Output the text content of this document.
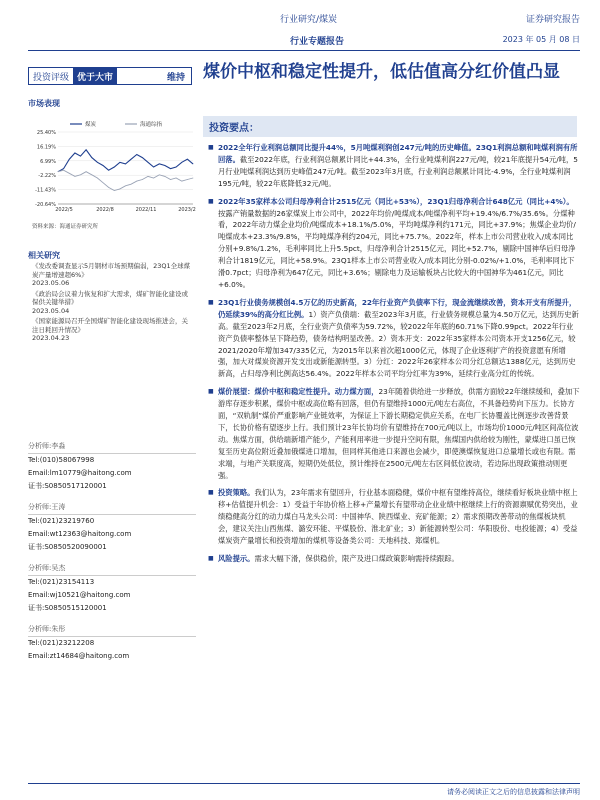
行业研究/煤炭	证券研究报告
行业专题报告	2023 年 05 月 08 日
投资评级 优于大市	维持
市场表现
25.40%
16.19%
6.99%
-2.22%
-11.43%
-20.64%
2022/5	2022/8	2022/11	2023/2
煤炭	海通综指
资料来源：海通证券研究所
相关研究
《发改委调查显示5月钢材市场预期偏弱，23Q1全球煤炭产量增速超6%》
2023.05.06
《政治局会议着力恢复和扩大需求，煤矿智能化建设或保供关键举措》
2023.05.04
《国家能源局召开全国煤矿智能化建设现场推进会，关注日耗回升情况》
2023.04.23
分析师:李淼
Tel:(010)58067998
Email:lm10779@haitong.com
证书:S0850517120001
分析师:王涛
Tel:(021)23219760
Email:wt12363@haitong.com
证书:S0850520090001
分析师:吴杰
Tel:(021)23154113
Email:wj10521@haitong.com
证书:S0850515120001
分析师:朱彤
Tel:(021)23212208
Email:zt14684@haitong.com
煤价中枢和稳定性提升，低估值高分红价值凸显
投资要点：
■ 2022全年行业利润总额同比提升44%，5月吨煤利润创247元/吨的历史峰值。23Q1利润总额和吨煤利润有所回落。截至2022年底，行业利润总额累计同比+44.3%，全行业吨煤利润227元/吨，较21年底提升54元/吨，5月行业吨煤利润达到历史峰值247元/吨。截至2023年3月底，行业利润总额累计同比-4.9%，全行业吨煤利润195元/吨，较22年底降低32元/吨。
■ 2022年35家样本公司归母净利合计2515亿元（同比+53%），23Q1归母净利合计648亿元（同比+4%）。按露产销量数据的26家煤炭上市公司中，2022年均价/吨煤成本/吨煤净利平均+19.4%/6.7%/35.6%。分煤种看，2022年动力煤企业均价/吨煤成本+18.1%/5.0%，平均吨煤净利约171元，同比+37.9%；焦煤企业均价/吨煤成本+23.3%/9.8%，平均吨煤净利约204元，同比+75.7%。2022年，样本上市公司营业收入/成本同比分别+9.8%/1.2%，毛利率同比上升5.5pct，归母净利合计2515亿元，同比+52.7%，剔除中国神华后归母净利合计1819亿元，同比+58.9%。23Q1样本上市公司营业收入/成本同比分别-0.02%/+1.0%，毛利率同比下滑0.7pct；归母净利为647亿元，同比+3.6%；剔除电力及运输板块占比较大的中国神华为461亿元，同比+6.0%。
■ 23Q1行业债务规模创4.5万亿的历史新高，22年行业资产负债率下行，现金流继续改善，资本开支有所提升，仍延续39%的高分红比例。1）资产负债端：截至2023年3月底，行业债务规模总量为4.50万亿元，达到历史新高。截至2023年2月底，全行业资产负债率为59.72%，较2022年年底的60.71%下降0.99pct。2022年行业资产负债率整体呈下降趋势，债务结构明显改善。2）资本开支：2022年35家样本公司资本开支1256亿元，较2021/2020年增加347/335亿元，为2015年以来首次超1000亿元，体现了企业逐利扩产的投资意愿有所增强，加大对煤炭资源开发支出或新能源转型。3）分红：2022年26家样本公司分红总额达1388亿元，达到历史新高，占归母净利比例高达56.4%。2022年样本公司平均分红率为39%，延续行业高分红的传统。
■ 煤价展望：煤价中枢和稳定性提升。动力煤方面，23年随着供给进一步释放，供需方面较22年继续缓和，叠加下游库存逐步积累，煤价中枢或高位略有回落，但仍有望维持1000元/吨左右高位，不具备趋势向下压力。长协方面，“双轨制”煤价严重影响产业链效率，为保证上下游长期稳定供应关系，在电厂长协覆盖比例逐步改善背景下，长协价格有望逐步上行。我们预计23年长协均价有望维持在700元/吨以上，市场均价1000元/吨区间高位波动。焦煤方面，供给端新增产能少，产能利用率进一步提升空间有限，焦煤国内供给较为刚性，蒙煤进口虽已恢复至历史高位附近叠加俄煤进口增加，但同样其他进口来源也会减少，即使澳煤恢复进口总量增长或也有限。需求端，与地产关联度高，短期仍处低位，预计维持在2500元/吨左右区间低位波动，若边际出现政策推动则更强。
■ 投资策略。我们认为，23年需求有望回升，行业基本面稳健，煤价中枢有望维持高位，继续看好板块业绩中枢上移+估值提升机会：1）受益于年协价格上移+产量增长有望带动企业业绩中枢继续上行的资源禀赋优势突出，业绩稳健高分红的动力煤白马龙头公司：中国神华、陕西煤业、兖矿能源；2）需求预期改善带动的焦煤板块机会，建议关注山西焦煤、潞安环能、平煤股份、淮北矿业；3）新能源转型公司：华阳股份、电投能源；4）受益煤炭资产量增长和投资增加的煤机等设备类公司：天地科技、郑煤机。
■ 风险提示。需求大幅下滑，保供稳价，限产及进口煤政策影响需持续跟踪。
请务必阅读正文之后的信息披露和法律声明
